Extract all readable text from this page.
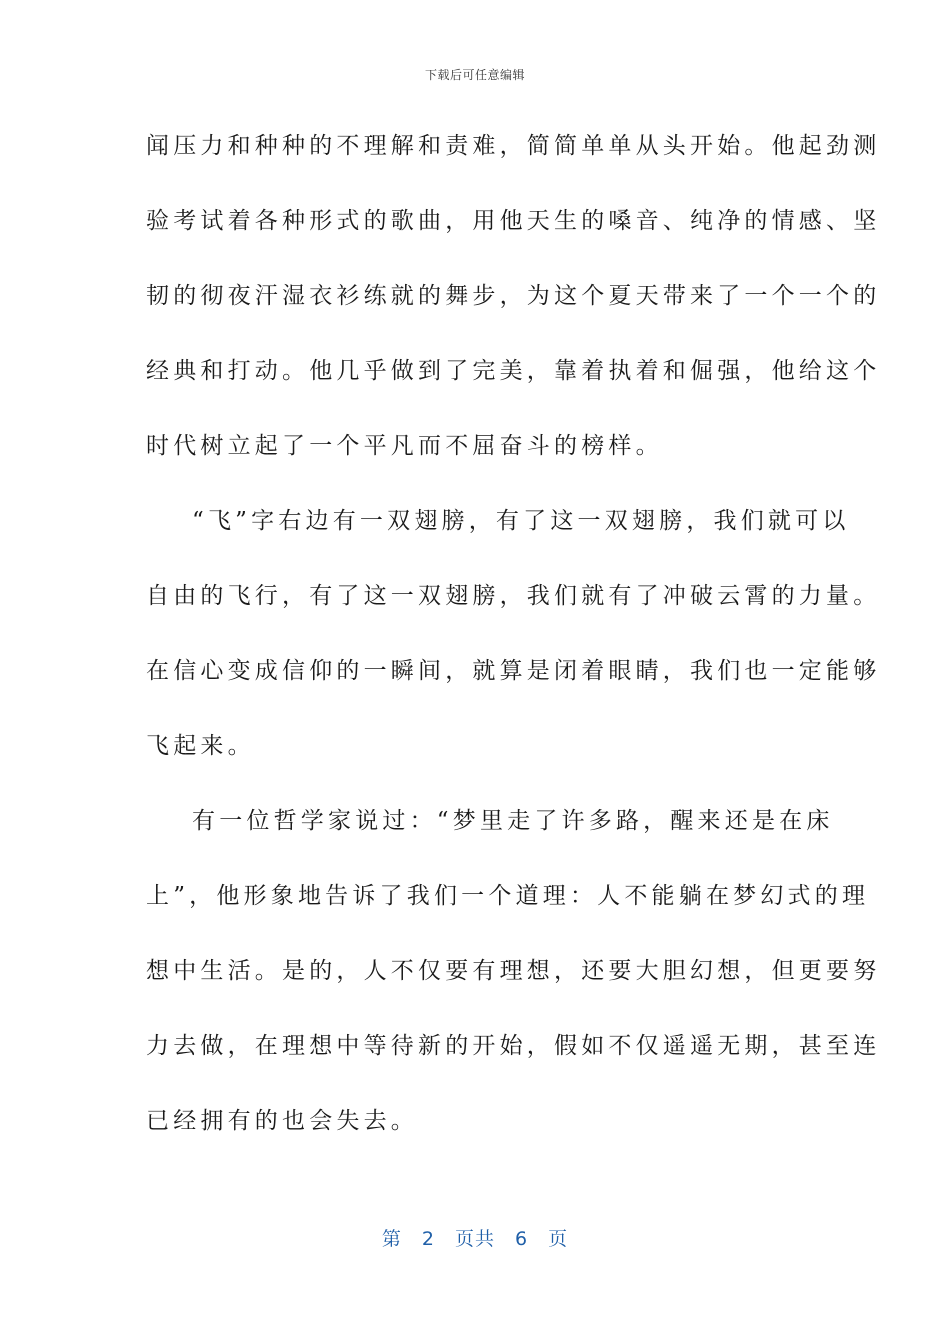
下载后可任意编辑
闻压力和种种的不理解和责难，简简单单从头开始。他起劲测
验考试着各种形式的歌曲，用他天生的嗓音、纯净的情感、坚
韧的彻夜汗湿衣衫练就的舞步，为这个夏天带来了一个一个的
经典和打动。他几乎做到了完美，靠着执着和倔强，他给这个
时代树立起了一个平凡而不屈奋斗的榜样。
“飞”字右边有一双翅膀，有了这一双翅膀，我们就可以
自由的飞行，有了这一双翅膀，我们就有了冲破云霄的力量。
在信心变成信仰的一瞬间，就算是闭着眼睛，我们也一定能够
飞起来。
有一位哲学家说过：“梦里走了许多路，醒来还是在床
上”，他形象地告诉了我们一个道理：人不能躺在梦幻式的理
想中生活。是的，人不仅要有理想，还要大胆幻想，但更要努
力去做，在理想中等待新的开始，假如不仅遥遥无期，甚至连
已经拥有的也会失去。
第 2 页共 6 页
